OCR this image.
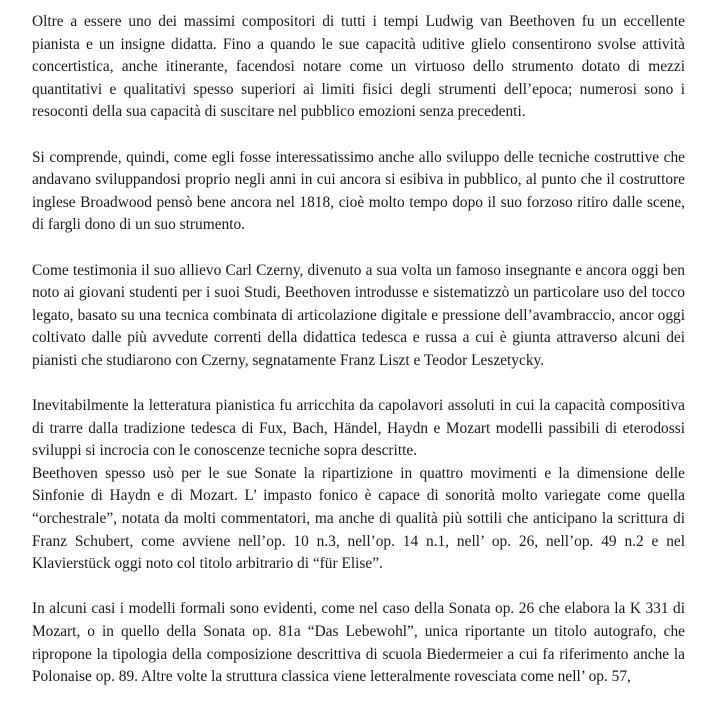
Oltre a essere uno dei massimi compositori di tutti i tempi Ludwig van Beethoven fu un eccellente pianista e un insigne didatta. Fino a quando le sue capacità uditive glielo consentirono svolse attività concertistica, anche itinerante, facendosi notare come un virtuoso dello strumento dotato di mezzi quantitativi e qualitativi spesso superiori ai limiti fisici degli strumenti dell’epoca; numerosi sono i resoconti della sua capacità di suscitare nel pubblico emozioni senza precedenti.

Si comprende, quindi, come egli fosse interessatissimo anche allo sviluppo delle tecniche costruttive che andavano sviluppandosi proprio negli anni in cui ancora si esibiva in pubblico, al punto che il costruttore inglese Broadwood pensò bene ancora nel 1818, cioè molto tempo dopo il suo forzoso ritiro dalle scene, di fargli dono di un suo strumento.

Come testimonia il suo allievo Carl Czerny, divenuto a sua volta un famoso insegnante e ancora oggi ben noto ai giovani studenti per i suoi Studi, Beethoven introdusse e sistematizzò un particolare uso del tocco legato, basato su una tecnica combinata di articolazione digitale e pressione dell’avambraccio, ancor oggi coltivato dalle più avvedute correnti della didattica tedesca e russa a cui è giunta attraverso alcuni dei pianisti che studiarono con Czerny, segnatamente Franz Liszt e Teodor Leszetycky.

Inevitabilmente la letteratura pianistica fu arricchita da capolavori assoluti in cui la capacità compositiva di trarre dalla tradizione tedesca di Fux, Bach, Händel, Haydn e Mozart modelli passibili di eterodossi sviluppi si incrocia con le conoscenze tecniche sopra descritte.

Beethoven spesso usò per le sue Sonate la ripartizione in quattro movimenti e la dimensione delle Sinfonie di Haydn e di Mozart. L’ impasto fonico è capace di sonorità molto variegate come quella “orchestrale”, notata da molti commentatori, ma anche di qualità più sottili che anticipano la scrittura di Franz Schubert, come avviene nell’op. 10 n.3, nell’op. 14 n.1, nell’ op. 26, nell’op. 49 n.2 e nel Klavierstück oggi noto col titolo arbitrario di “für Elise”.

In alcuni casi i modelli formali sono evidenti, come nel caso della Sonata op. 26 che elabora la K 331 di Mozart, o in quello della Sonata op. 81a “Das Lebewohl”, unica riportante un titolo autografo, che ripropone la tipologia della composizione descrittiva di scuola Biedermeier a cui fa riferimento anche la Polonaise op. 89. Altre volte la struttura classica viene letteralmente rovesciata come nell’ op. 57,
